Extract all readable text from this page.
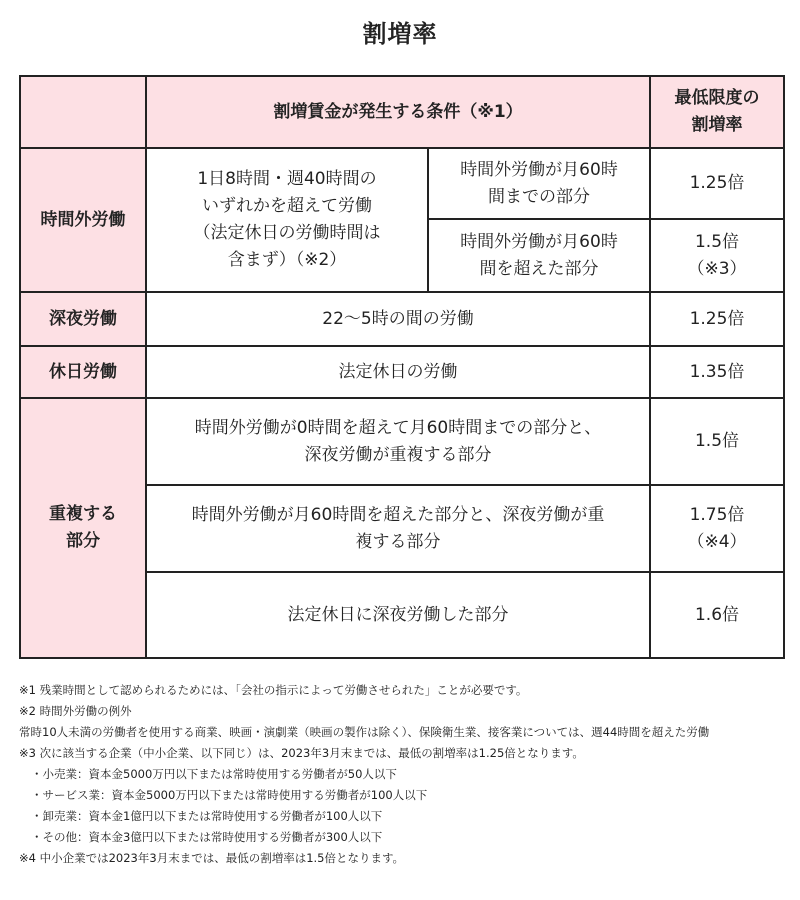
割増率
	割増賃金が発生する条件（※1）		最低限度の
割増率
時間外労働	1日8時間・週40時間の
いずれかを超えて労働
（法定休日の労働時間は
含まず）（※2）	時間外労働が月60時
間までの部分	1.25倍
		時間外労働が月60時
間を超えた部分	1.5倍
（※3）
深夜労働	22〜5時の間の労働		1.25倍
休日労働	法定休日の労働		1.35倍
重複する
部分	時間外労働が0時間を超えて月60時間までの部分と、
深夜労働が重複する部分		1.5倍
	時間外労働が月60時間を超えた部分と、深夜労働が重
複する部分		1.75倍
（※4）
	法定休日に深夜労働した部分		1.6倍
※1 残業時間として認められるためには、「会社の指示によって労働させられた」ことが必要です。
※2 時間外労働の例外
常時10人未満の労働者を使用する商業、映画・演劇業（映画の製作は除く）、保険衛生業、接客業については、週44時間を超えた労働
※3 次に該当する企業（中小企業、以下同じ）は、2023年3月末までは、最低の割増率は1.25倍となります。
・小売業：資本金5000万円以下または常時使用する労働者が50人以下
・サービス業：資本金5000万円以下または常時使用する労働者が100人以下
・卸売業：資本金1億円以下または常時使用する労働者が100人以下
・その他：資本金3億円以下または常時使用する労働者が300人以下
※4 中小企業では2023年3月末までは、最低の割増率は1.5倍となります。
